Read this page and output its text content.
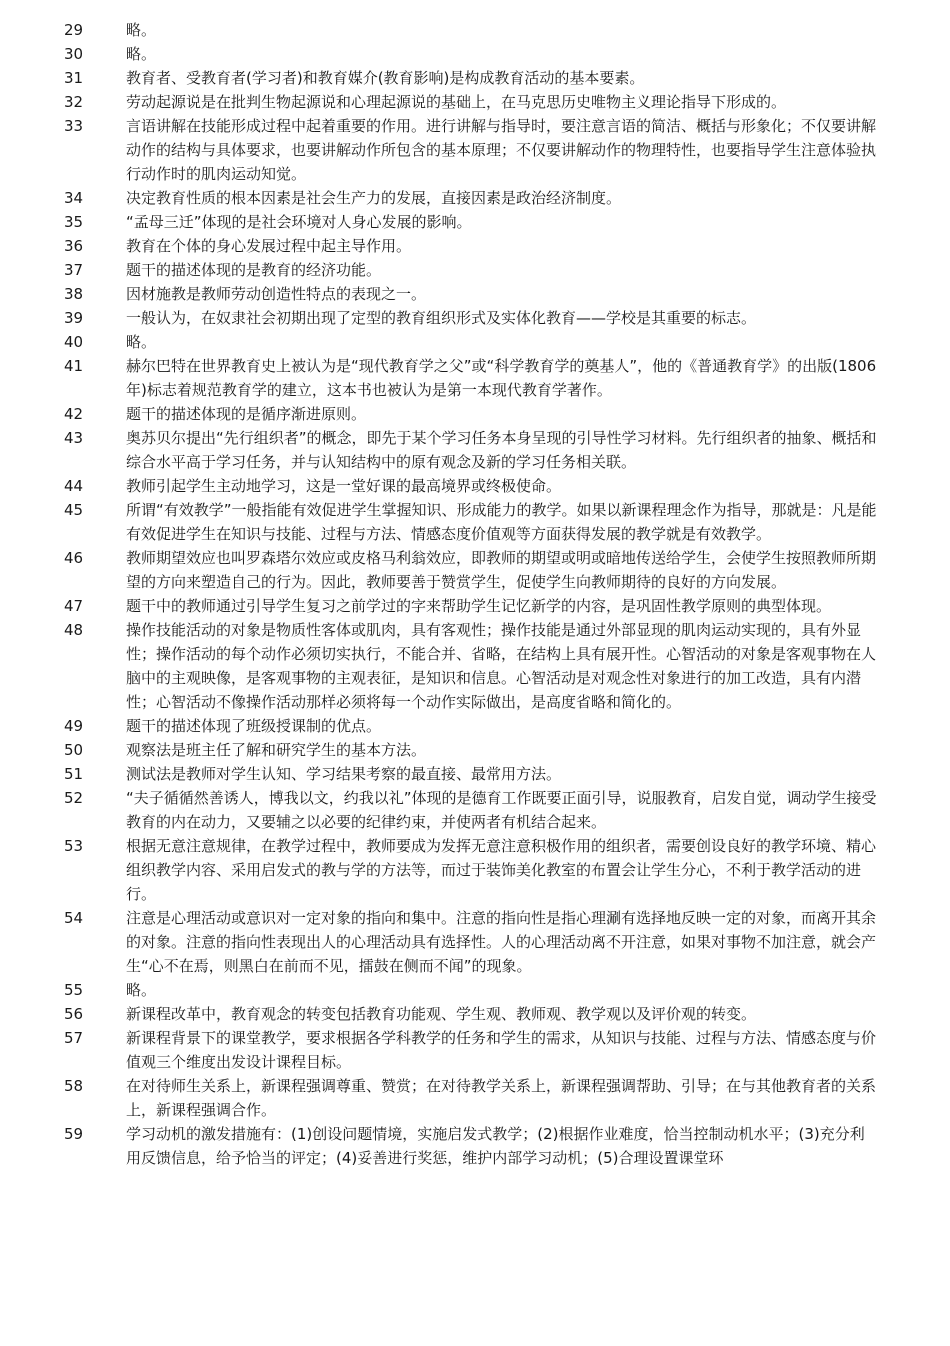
29	略。
30	略。
31	教育者、受教育者(学习者)和教育媒介(教育影响)是构成教育活动的基本要素。
32	劳动起源说是在批判生物起源说和心理起源说的基础上，在马克思历史唯物主义理论指导下形成的。
33	言语讲解在技能形成过程中起着重要的作用。进行讲解与指导时，要注意言语的简洁、概括与形象化；不仅要讲解动作的结构与具体要求，也要讲解动作所包含的基本原理；不仅要讲解动作的物理特性，也要指导学生注意体验执行动作时的肌肉运动知觉。
34	决定教育性质的根本因素是社会生产力的发展，直接因素是政治经济制度。
35	“孟母三迁”体现的是社会环境对人身心发展的影响。
36	教育在个体的身心发展过程中起主导作用。
37	题干的描述体现的是教育的经济功能。
38	因材施教是教师劳动创造性特点的表现之一。
39	一般认为，在奴隶社会初期出现了定型的教育组织形式及实体化教育——学校是其重要的标志。
40	略。
41	赫尔巴特在世界教育史上被认为是“现代教育学之父”或“科学教育学的奠基人”，他的《普通教育学》的出版(1806年)标志着规范教育学的建立，这本书也被认为是第一本现代教育学著作。
42	题干的描述体现的是循序渐进原则。
43	奥苏贝尔提出“先行组织者”的概念，即先于某个学习任务本身呈现的引导性学习材料。先行组织者的抽象、概括和综合水平高于学习任务，并与认知结构中的原有观念及新的学习任务相关联。
44	教师引起学生主动地学习，这是一堂好课的最高境界或终极使命。
45	所谓“有效教学”一般指能有效促进学生掌握知识、形成能力的教学。如果以新课程理念作为指导，那就是：凡是能有效促进学生在知识与技能、过程与方法、情感态度价值观等方面获得发展的教学就是有效教学。
46	教师期望效应也叫罗森塔尔效应或皮格马利翁效应，即教师的期望或明或暗地传送给学生，会使学生按照教师所期望的方向来塑造自己的行为。因此，教师要善于赞赏学生，促使学生向教师期待的良好的方向发展。
47	题干中的教师通过引导学生复习之前学过的字来帮助学生记忆新学的内容，是巩固性教学原则的典型体现。
48	操作技能活动的对象是物质性客体或肌肉，具有客观性；操作技能是通过外部显现的肌肉运动实现的，具有外显性；操作活动的每个动作必须切实执行，不能合并、省略，在结构上具有展开性。心智活动的对象是客观事物在人脑中的主观映像，是客观事物的主观表征，是知识和信息。心智活动是对观念性对象进行的加工改造，具有内潜性；心智活动不像操作活动那样必须将每一个动作实际做出，是高度省略和简化的。
49	题干的描述体现了班级授课制的优点。
50	观察法是班主任了解和研究学生的基本方法。
51	测试法是教师对学生认知、学习结果考察的最直接、最常用方法。
52	“夫子循循然善诱人，博我以文，约我以礼”体现的是德育工作既要正面引导，说服教育，启发自觉，调动学生接受教育的内在动力，又要辅之以必要的纪律约束，并使两者有机结合起来。
53	根据无意注意规律，在教学过程中，教师要成为发挥无意注意积极作用的组织者，需要创设良好的教学环境、精心组织教学内容、采用启发式的教与学的方法等，而过于装饰美化教室的布置会让学生分心，不利于教学活动的进行。
54	注意是心理活动或意识对一定对象的指向和集中。注意的指向性是指心理涮有选择地反映一定的对象，而离开其余的对象。注意的指向性表现出人的心理活动具有选择性。人的心理活动离不开注意，如果对事物不加注意，就会产生“心不在焉，则黑白在前而不见，擂鼓在侧而不闻”的现象。
55	略。
56	新课程改革中，教育观念的转变包括教育功能观、学生观、教师观、教学观以及评价观的转变。
57	新课程背景下的课堂教学，要求根据各学科教学的任务和学生的需求，从知识与技能、过程与方法、情感态度与价值观三个维度出发设计课程目标。
58	在对待师生关系上，新课程强调尊重、赞赏；在对待教学关系上，新课程强调帮助、引导；在与其他教育者的关系上，新课程强调合作。
59	学习动机的激发措施有：(1)创设问题情境，实施启发式教学；(2)根据作业难度，恰当控制动机水平；(3)充分利用反馈信息，给予恰当的评定；(4)妥善进行奖惩，维护内部学习动机；(5)合理设置课堂环
